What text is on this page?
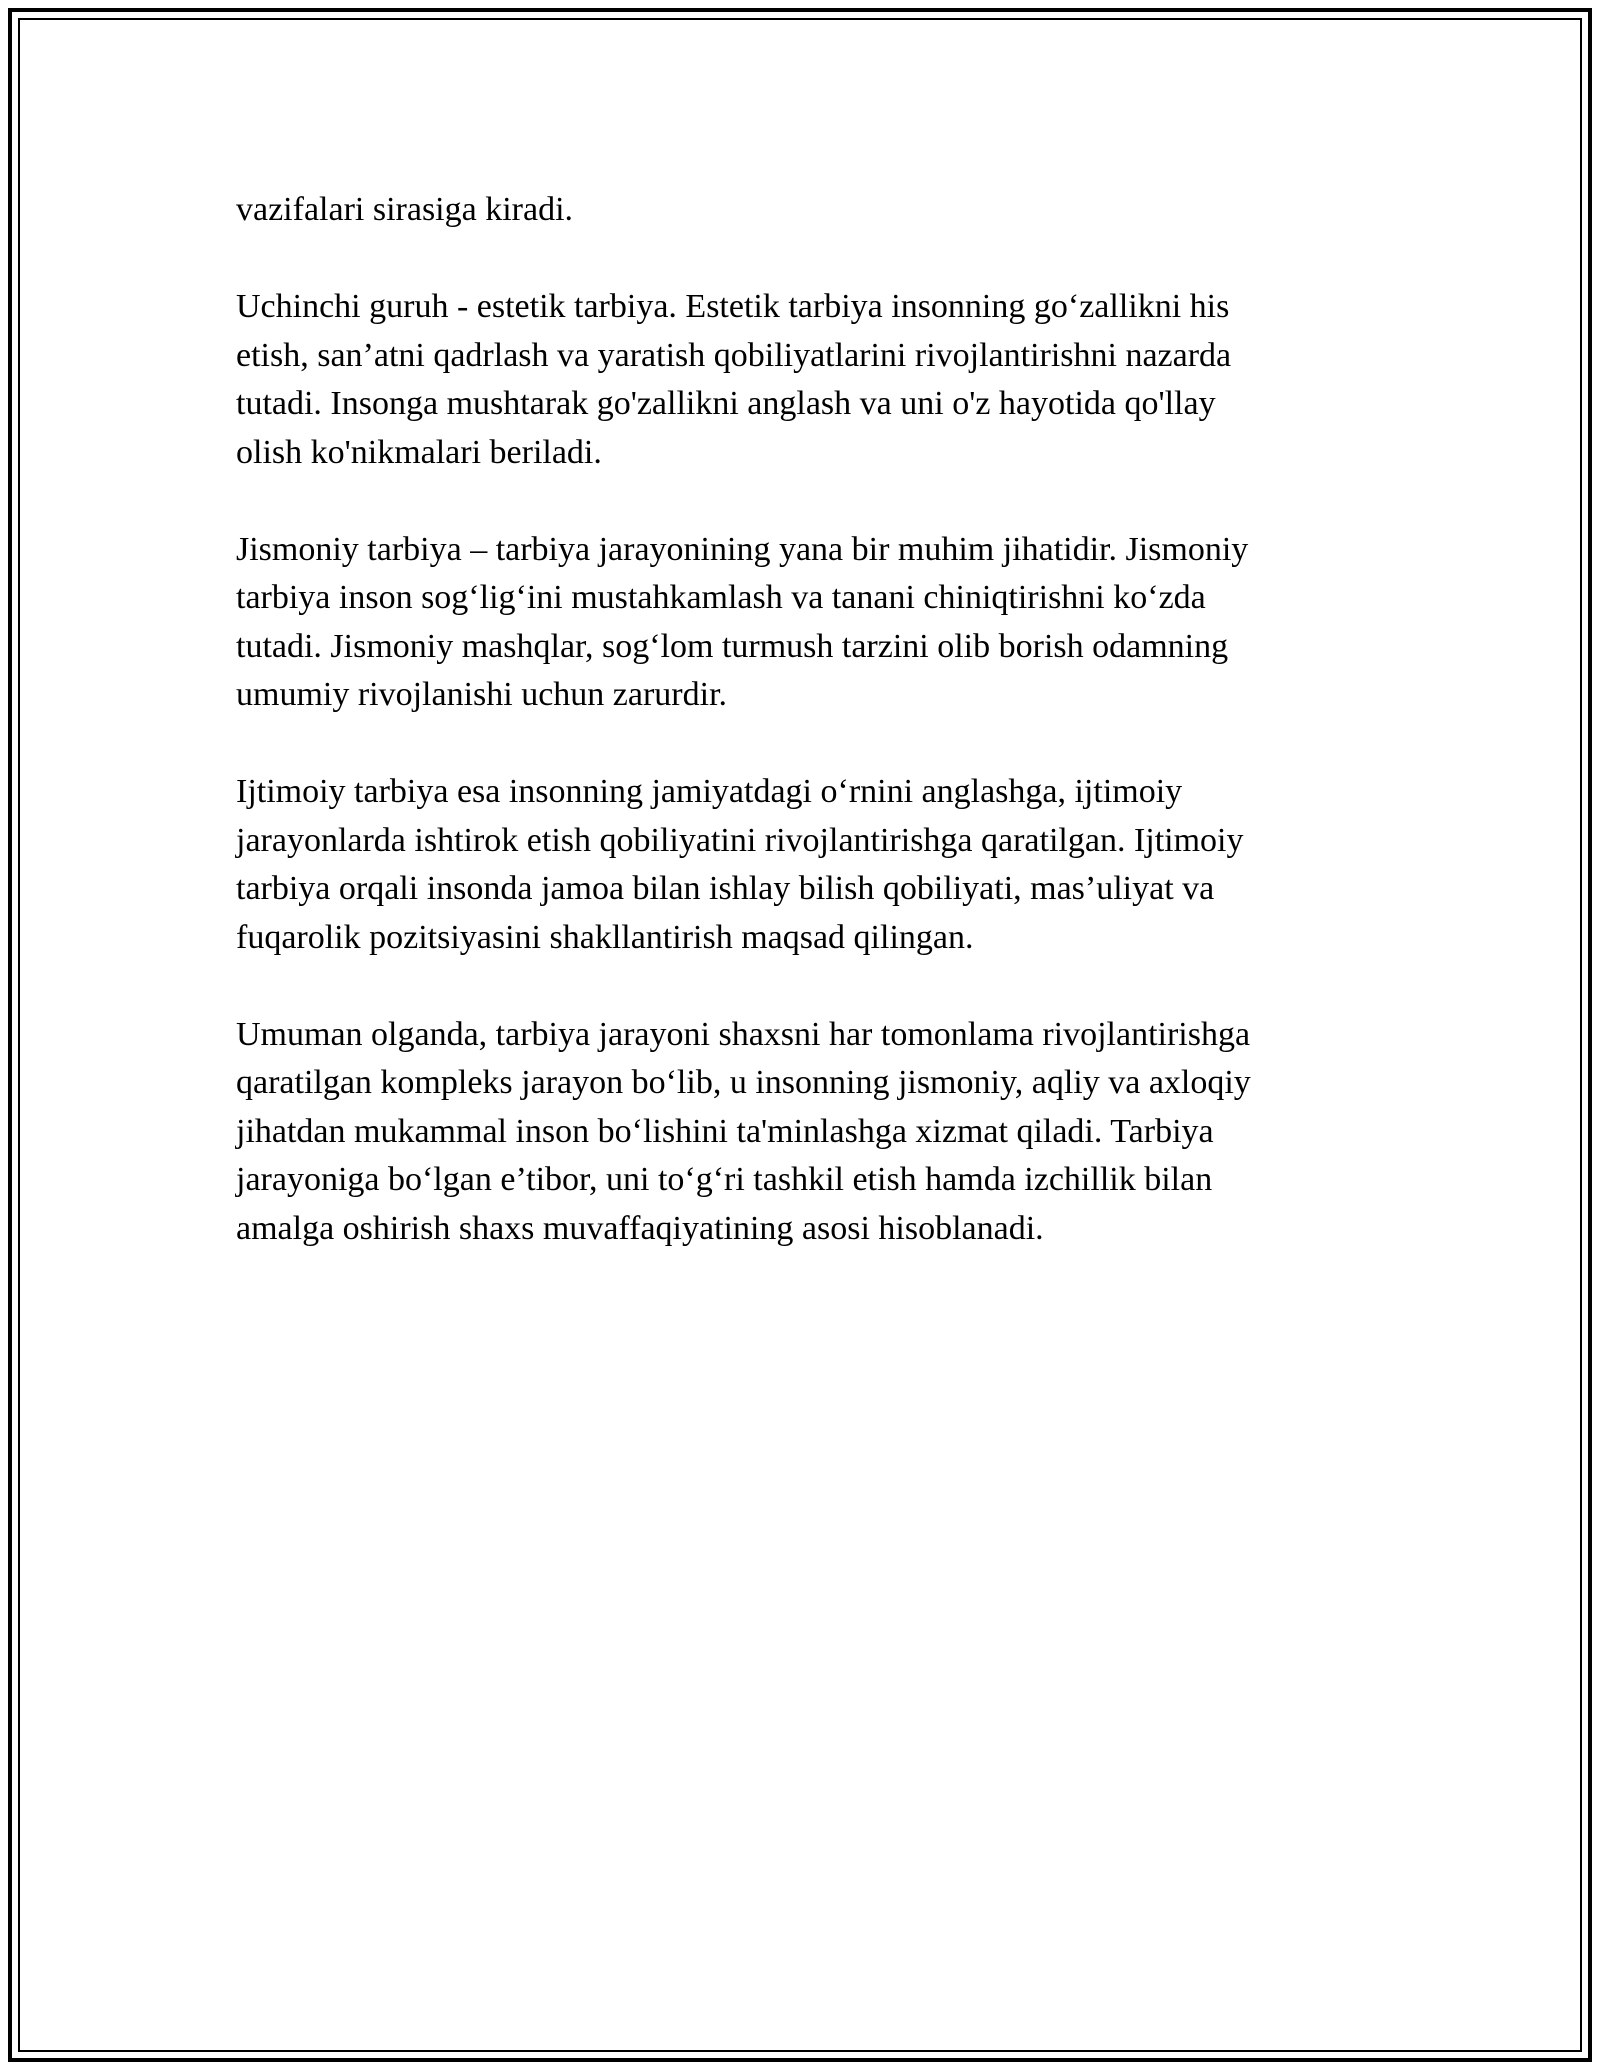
vazifalari sirasiga kiradi.

Uchinchi guruh - estetik tarbiya. Estetik tarbiya insonning go‘zallikni his
etish, san’atni qadrlash va yaratish qobiliyatlarini rivojlantirishni nazarda
tutadi. Insonga mushtarak go'zallikni anglash va uni o'z hayotida qo'llay
olish ko'nikmalari beriladi.

Jismoniy tarbiya – tarbiya jarayonining yana bir muhim jihatidir. Jismoniy
tarbiya inson sog‘lig‘ini mustahkamlash va tanani chiniqtirishni ko‘zda
tutadi. Jismoniy mashqlar, sog‘lom turmush tarzini olib borish odamning
umumiy rivojlanishi uchun zarurdir.

Ijtimoiy tarbiya esa insonning jamiyatdagi o‘rnini anglashga, ijtimoiy
jarayonlarda ishtirok etish qobiliyatini rivojlantirishga qaratilgan. Ijtimoiy
tarbiya orqali insonda jamoa bilan ishlay bilish qobiliyati, mas’uliyat va
fuqarolik pozitsiyasini shakllantirish maqsad qilingan.

Umuman olganda, tarbiya jarayoni shaxsni har tomonlama rivojlantirishga
qaratilgan kompleks jarayon bo‘lib, u insonning jismoniy, aqliy va axloqiy
jihatdan mukammal inson bo‘lishini ta'minlashga xizmat qiladi. Tarbiya
jarayoniga bo‘lgan e’tibor, uni to‘g‘ri tashkil etish hamda izchillik bilan
amalga oshirish shaxs muvaffaqiyatining asosi hisoblanadi.
